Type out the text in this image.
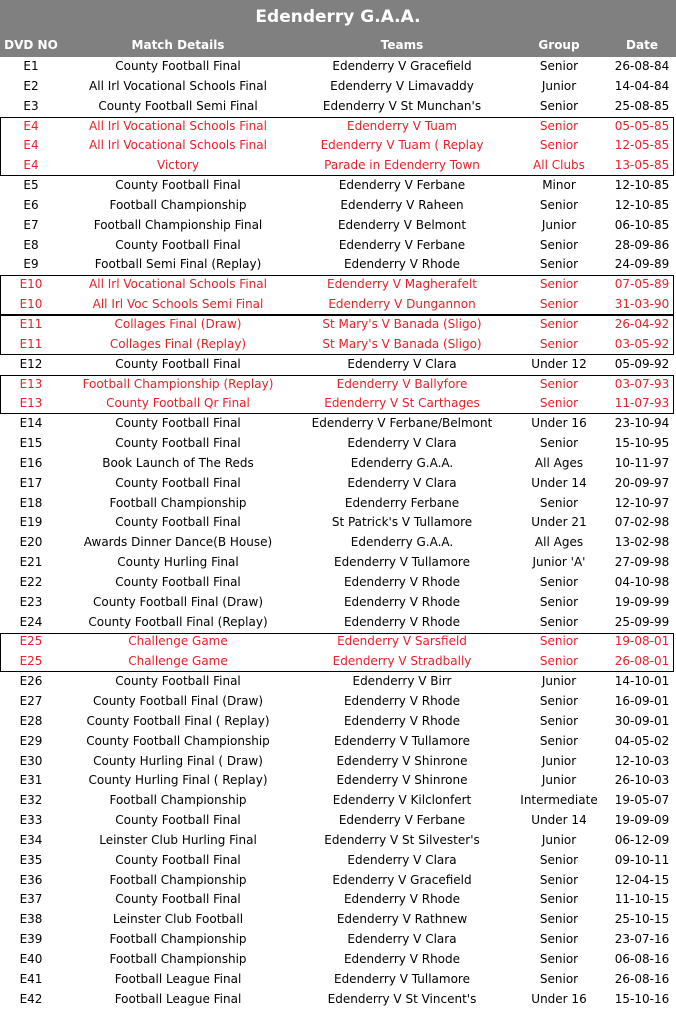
Edenderry G.A.A.
DVD NO	Match Details	Teams	Group	Date
E1	County Football Final	Edenderry V Gracefield	Senior	26-08-84
E2	All Irl Vocational Schools Final	Edenderry V Limavaddy	Junior	14-04-84
E3	County Football Semi Final	Edenderry V St Munchan's	Senior	25-08-85
E4	All Irl Vocational Schools Final	Edenderry V Tuam	Senior	05-05-85
E4	All Irl Vocational Schools Final	Edenderry V Tuam ( Replay	Senior	12-05-85
E4	Victory	Parade in Edenderry Town	All Clubs	13-05-85
E5	County Football Final	Edenderry V Ferbane	Minor	12-10-85
E6	Football Championship	Edenderry V Raheen	Senior	12-10-85
E7	Football Championship Final	Edenderry V Belmont	Junior	06-10-85
E8	County Football Final	Edenderry V Ferbane	Senior	28-09-86
E9	Football Semi Final (Replay)	Edenderry V Rhode	Senior	24-09-89
E10	All Irl Vocational Schools Final	Edenderry V Magherafelt	Senior	07-05-89
E10	All Irl Voc Schools Semi Final	Edenderry V Dungannon	Senior	31-03-90
E11	Collages Final (Draw)	St Mary's V Banada (Sligo)	Senior	26-04-92
E11	Collages Final (Replay)	St Mary's V Banada (Sligo)	Senior	03-05-92
E12	County Football Final	Edenderry V Clara	Under 12	05-09-92
E13	Football Championship (Replay)	Edenderry V Ballyfore	Senior	03-07-93
E13	County Football Qr Final	Edenderry V St Carthages	Senior	11-07-93
E14	County Football Final	Edenderry V Ferbane/Belmont	Under 16	23-10-94
E15	County Football Final	Edenderry V Clara	Senior	15-10-95
E16	Book Launch of The Reds	Edenderry G.A.A.	All Ages	10-11-97
E17	County Football Final	Edenderry V Clara	Under 14	20-09-97
E18	Football Championship	Edenderry Ferbane	Senior	12-10-97
E19	County Football Final	St Patrick's V Tullamore	Under 21	07-02-98
E20	Awards Dinner Dance(B House)	Edenderry G.A.A.	All Ages	13-02-98
E21	County Hurling Final	Edenderry V Tullamore	Junior 'A'	27-09-98
E22	County Football Final	Edenderry V Rhode	Senior	04-10-98
E23	County Football Final (Draw)	Edenderry V Rhode	Senior	19-09-99
E24	County Football Final (Replay)	Edenderry V Rhode	Senior	25-09-99
E25	Challenge Game	Edenderry V Sarsfield	Senior	19-08-01
E25	Challenge Game	Edenderry V Stradbally	Senior	26-08-01
E26	County Football Final	Edenderry V Birr	Junior	14-10-01
E27	County Football Final (Draw)	Edenderry V Rhode	Senior	16-09-01
E28	County Football Final ( Replay)	Edenderry V Rhode	Senior	30-09-01
E29	County Football Championship	Edenderry V Tullamore	Senior	04-05-02
E30	County Hurling Final ( Draw)	Edenderry V Shinrone	Junior	12-10-03
E31	County Hurling Final ( Replay)	Edenderry V Shinrone	Junior	26-10-03
E32	Football Championship	Edenderry V Kilclonfert	Intermediate	19-05-07
E33	County Football Final	Edenderry V Ferbane	Under 14	19-09-09
E34	Leinster Club Hurling Final	Edenderry V St Silvester's	Junior	06-12-09
E35	County Football Final	Edenderry V Clara	Senior	09-10-11
E36	Football Championship	Edenderry V Gracefield	Senior	12-04-15
E37	County Football Final	Edenderry V Rhode	Senior	11-10-15
E38	Leinster Club Football	Edenderry V Rathnew	Senior	25-10-15
E39	Football Championship	Edenderry V Clara	Senior	23-07-16
E40	Football Championship	Edenderry V Rhode	Senior	06-08-16
E41	Football League Final	Edenderry V Tullamore	Senior	26-08-16
E42	Football League Final	Edenderry V St Vincent's	Under 16	15-10-16
